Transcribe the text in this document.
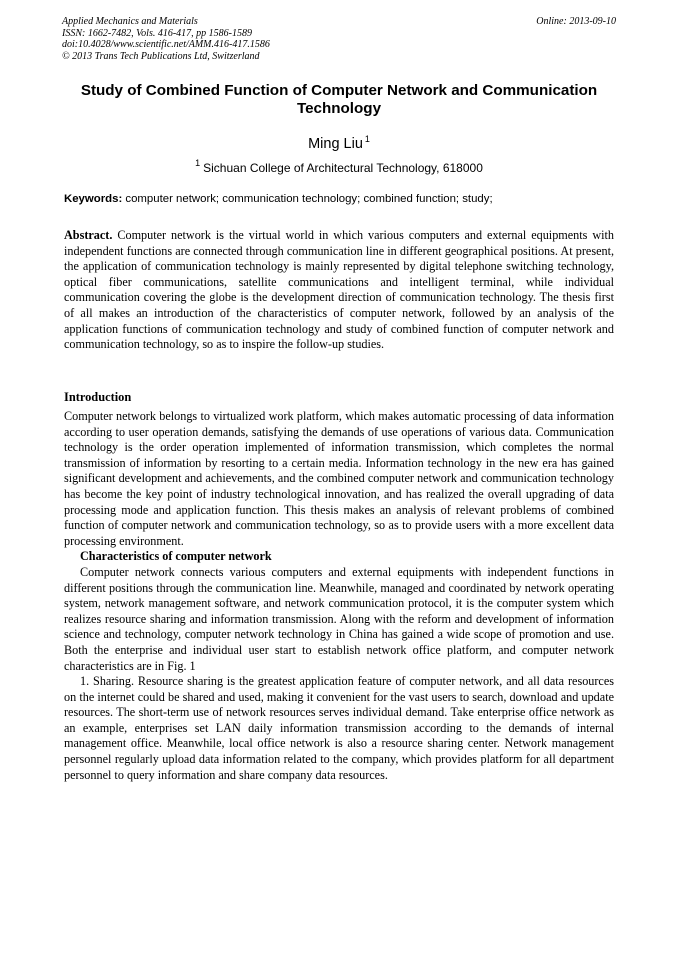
Applied Mechanics and Materials
ISSN: 1662-7482, Vols. 416-417, pp 1586-1589
doi:10.4028/www.scientific.net/AMM.416-417.1586
© 2013 Trans Tech Publications Ltd, Switzerland
Online: 2013-09-10
Study of Combined Function of Computer Network and Communication Technology
Ming Liu $^1$
$^1$ Sichuan College of Architectural Technology, 618000
Keywords: computer network; communication technology; combined function; study;

Abstract. Computer network is the virtual world in which various computers and external equipments with independent functions are connected through communication line in different geographical positions. At present, the application of communication technology is mainly represented by digital telephone switching technology, optical fiber communications, satellite communications and intelligent terminal, while individual communication covering the globe is the development direction of communication technology. The thesis first of all makes an introduction of the characteristics of computer network, followed by an analysis of the application functions of communication technology and study of combined function of computer network and communication technology, so as to inspire the follow-up studies.

Introduction

Computer network belongs to virtualized work platform, which makes automatic processing of data information according to user operation demands, satisfying the demands of use operations of various data. Communication technology is the order operation implemented of information transmission, which completes the normal transmission of information by resorting to a certain media. Information technology in the new era has gained significant development and achievements, and the combined computer network and communication technology has become the key point of industry technological innovation, and has realized the overall upgrading of data processing mode and application function. This thesis makes an analysis of relevant problems of combined function of computer network and communication technology, so as to provide users with a more excellent data processing environment.

Characteristics of computer network

Computer network connects various computers and external equipments with independent functions in different positions through the communication line. Meanwhile, managed and coordinated by network operating system, network management software, and network communication protocol, it is the computer system which realizes resource sharing and information transmission. Along with the reform and development of information science and technology, computer network technology in China has gained a wide scope of promotion and use. Both the enterprise and individual user start to establish network office platform, and computer network characteristics are in Fig. 1

1. Sharing. Resource sharing is the greatest application feature of computer network, and all data resources on the internet could be shared and used, making it convenient for the vast users to search, download and update resources. The short-term use of network resources serves individual demand. Take enterprise office network as an example, enterprises set LAN daily information transmission according to the demands of internal management office. Meanwhile, local office network is also a resource sharing center. Network management personnel regularly upload data information related to the company, which provides platform for all department personnel to query information and share company data resources.
